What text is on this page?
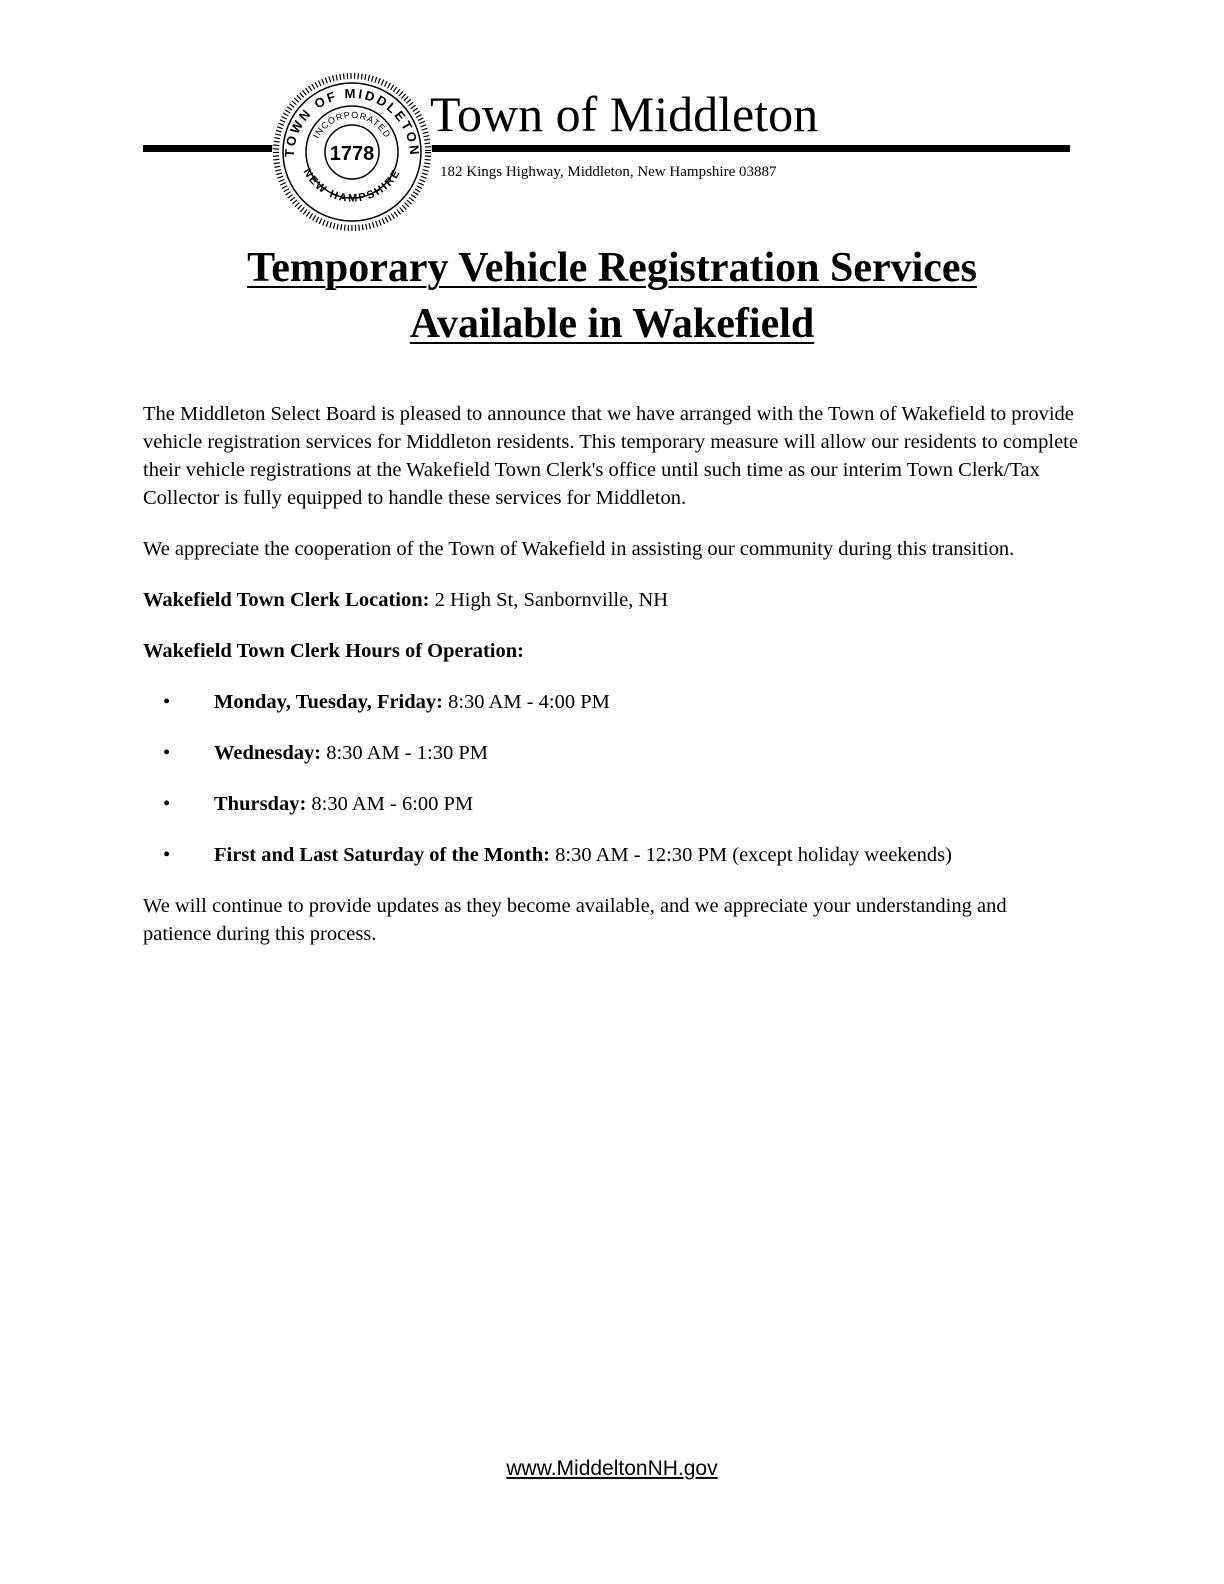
TOWN OF MIDDLETON
NEW HAMPSHIRE
INCORPORATED
1778
Town of Middleton
182 Kings Highway, Middleton, New Hampshire 03887
Temporary Vehicle Registration Services
Available in Wakefield

The Middleton Select Board is pleased to announce that we have arranged with the Town of Wakefield to provide vehicle registration services for Middleton residents. This temporary measure will allow our residents to complete their vehicle registrations at the Wakefield Town Clerk's office until such time as our interim Town Clerk/Tax Collector is fully equipped to handle these services for Middleton.

We appreciate the cooperation of the Town of Wakefield in assisting our community during this transition.

Wakefield Town Clerk Location: 2 High St, Sanbornville, NH

Wakefield Town Clerk Hours of Operation:

• Monday, Tuesday, Friday: 8:30 AM - 4:00 PM
• Wednesday: 8:30 AM - 1:30 PM
• Thursday: 8:30 AM - 6:00 PM
• First and Last Saturday of the Month: 8:30 AM - 12:30 PM (except holiday weekends)

We will continue to provide updates as they become available, and we appreciate your understanding and patience during this process.

www.MiddeltonNH.gov
